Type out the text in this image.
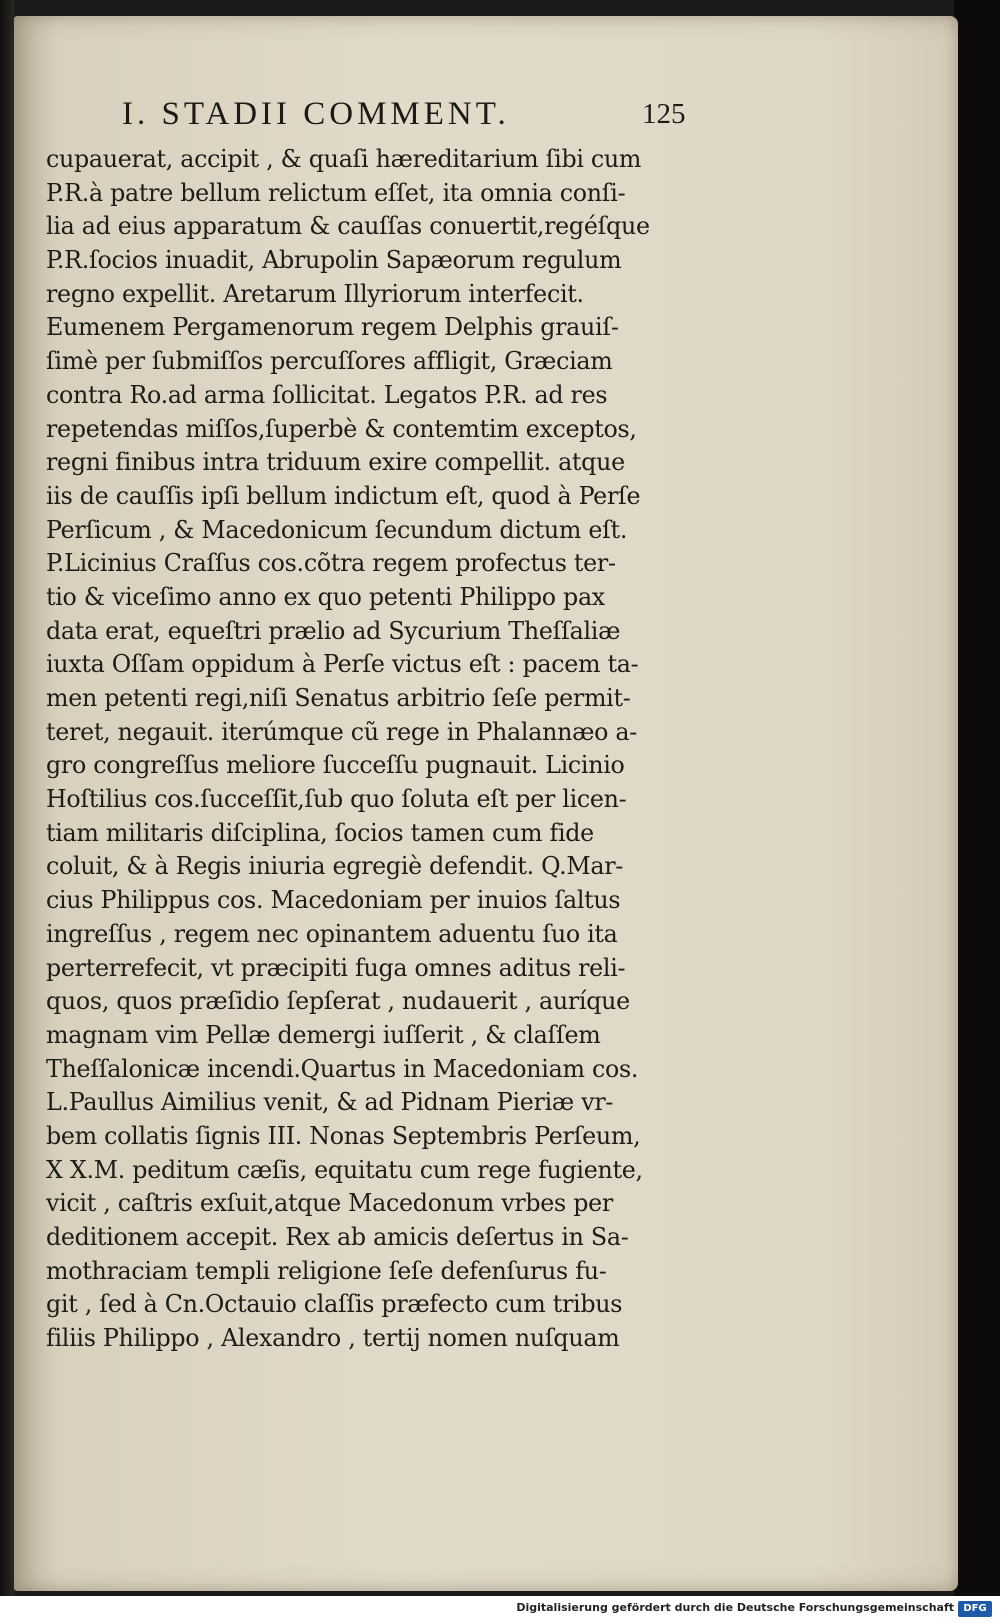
I. STADII COMMENT.	125
cupauerat, accipit , & quaſi hæreditarium ſibi cum
P.R.à patre bellum relictum eſſet, ita omnia conſi-
lia ad eius apparatum & cauſſas conuertit,regéſque
P.R.ſocios inuadit, Abrupolin Sapæorum regulum
regno expellit. Aretarum Illyriorum interfecit.
Eumenem Pergamenorum regem Delphis grauiſ-
ſimè per ſubmiſſos percuſſores affligit, Græciam
contra Ro.ad arma ſollicitat. Legatos P.R. ad res
repetendas miſſos,ſuperbè & contemtim exceptos,
regni finibus intra triduum exire compellit. atque
iis de cauſſis ipſi bellum indictum eſt, quod à Perſe
Perſicum , & Macedonicum ſecundum dictum eſt.
P.Licinius Craſſus cos.cõtra regem profectus ter-
tio & viceſimo anno ex quo petenti Philippo pax
data erat, equeſtri prælio ad Sycurium Theſſaliæ
iuxta Oſſam oppidum à Perſe victus eſt : pacem ta-
men petenti regi,niſi Senatus arbitrio ſeſe permit-
teret, negauit. iterúmque cũ rege in Phalannæo a-
gro congreſſus meliore ſucceſſu pugnauit. Licinio
Hoſtilius cos.ſucceſſit,ſub quo ſoluta eſt per licen-
tiam militaris diſciplina, ſocios tamen cum fide
coluit, & à Regis iniuria egregiè defendit. Q.Mar-
cius Philippus cos. Macedoniam per inuios ſaltus
ingreſſus , regem nec opinantem aduentu ſuo ita
perterrefecit, vt præcipiti fuga omnes aditus reli-
quos, quos præſidio ſepſerat , nudauerit , auríque
magnam vim Pellæ demergi iuſſerit , & claſſem
Theſſalonicæ incendi.Quartus in Macedoniam cos.
L.Paullus Aimilius venit, & ad Pidnam Pieriæ vr-
bem collatis ſignis III. Nonas Septembris Perſeum,
X X.M. peditum cæſis, equitatu cum rege fugiente,
vicit , caſtris exſuit,atque Macedonum vrbes per
deditionem accepit. Rex ab amicis deſertus in Sa-
mothraciam templi religione ſeſe defenſurus fu-
git , ſed à Cn.Octauio claſſis præfecto cum tribus
filiis Philippo , Alexandro , tertij nomen nuſquam
Digitalisierung gefördert durch die Deutsche Forschungsgemeinschaft DFG
